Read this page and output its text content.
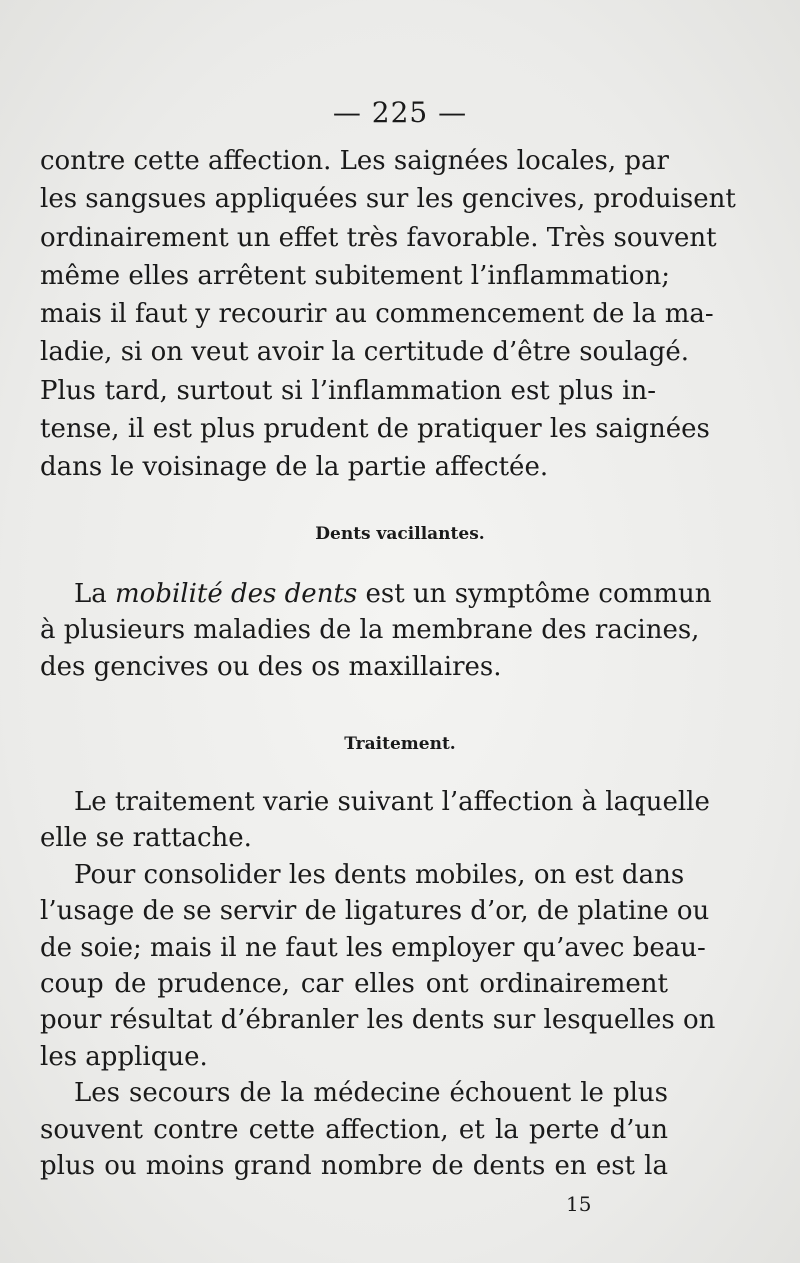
— 225 —
contre cette affection. Les saignées locales, par
les sangsues appliquées sur les gencives, produisent
ordinairement un effet très favorable. Très souvent
même elles arrêtent subitement l’inflammation;
mais il faut y recourir au commencement de la ma-
ladie, si on veut avoir la certitude d’être soulagé.
Plus tard, surtout si l’inflammation est plus in-
tense, il est plus prudent de pratiquer les saignées
dans le voisinage de la partie affectée.
Dents vacillantes.
La mobilité des dents est un symptôme commun
à plusieurs maladies de la membrane des racines,
des gencives ou des os maxillaires.
Traitement.
Le traitement varie suivant l’affection à laquelle
elle se rattache.
Pour consolider les dents mobiles, on est dans
l’usage de se servir de ligatures d’or, de platine ou
de soie; mais il ne faut les employer qu’avec beau-
coup de prudence, car elles ont ordinairement
pour résultat d’ébranler les dents sur lesquelles on
les applique.
Les secours de la médecine échouent le plus
souvent contre cette affection, et la perte d’un
plus ou moins grand nombre de dents en est la
15
